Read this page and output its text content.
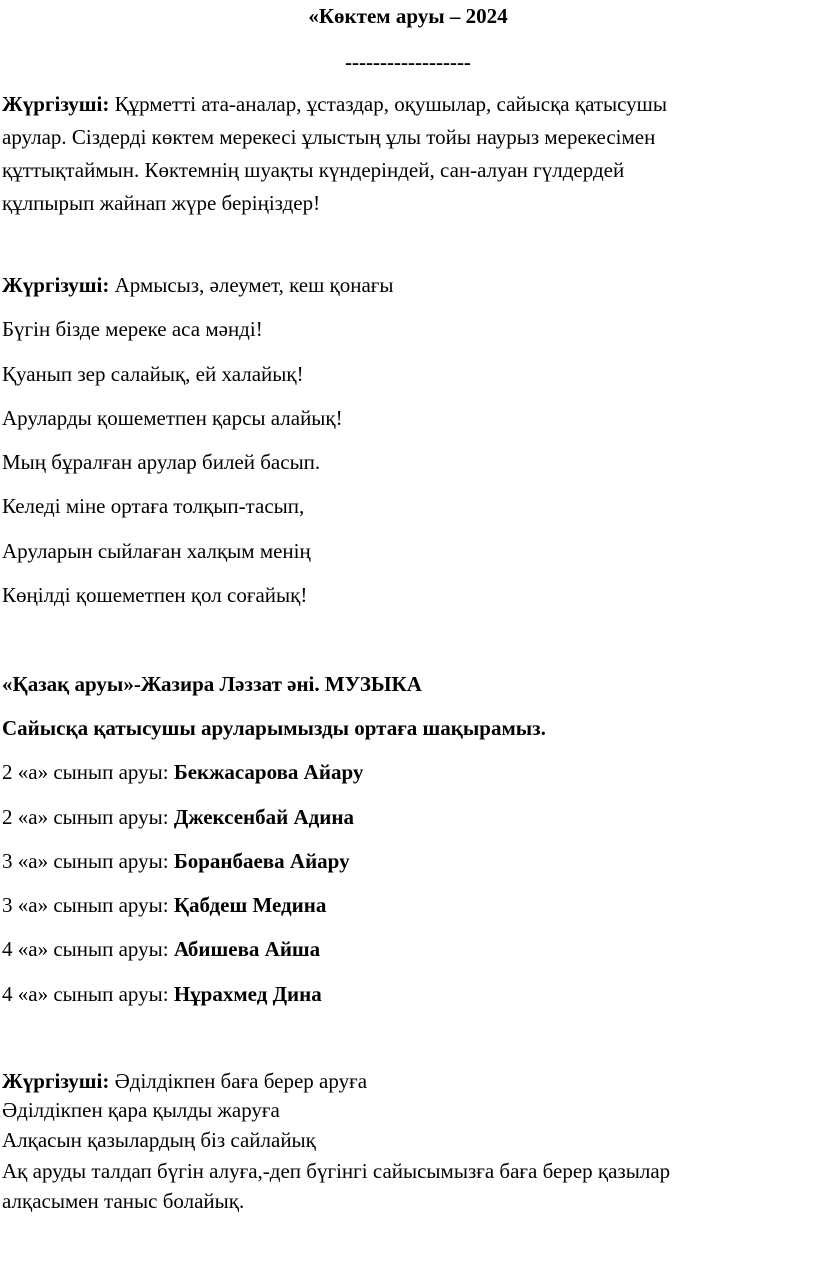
«Көктем аруы – 2024
------------------
Жүргізуші: Құрметті ата-аналар, ұстаздар, оқушылар, сайысқа қатысушы
арулар. Сіздерді көктем мерекесі ұлыстың ұлы тойы наурыз мерекесімен
құттықтаймын. Көктемнің шуақты күндеріндей, сан-алуан гүлдердей
құлпырып жайнап жүре беріңіздер!
Жүргізуші: Армысыз, әлеумет, кеш қонағы
Бүгін бізде мереке аса мәнді!
Қуанып зер салайық, ей халайық!
Аруларды қошеметпен қарсы алайық!
Мың бұралған арулар билей басып.
Келеді міне ортаға толқып-тасып,
Аруларын сыйлаған халқым менің
Көңілді қошеметпен қол соғайық!
«Қазақ аруы»-Жазира Ләззат әні. МУЗЫКА
Сайысқа қатысушы аруларымызды ортаға шақырамыз.
2 «а» сынып аруы: Бекжасарова Айару
2 «а» сынып аруы: Джексенбай Адина
3 «а» сынып аруы: Боранбаева Айару
3 «а» сынып аруы: Қабдеш Медина
4 «а» сынып аруы: Абишева Айша
4 «а» сынып аруы: Нұрахмед Дина
Жүргізуші: Әділдікпен баға берер аруға
Әділдікпен қара қылды жаруға
Алқасын қазылардың біз сайлайық
Ақ аруды талдап бүгін алуға,-деп бүгінгі сайысымызға баға берер қазылар
алқасымен таныс болайық.
